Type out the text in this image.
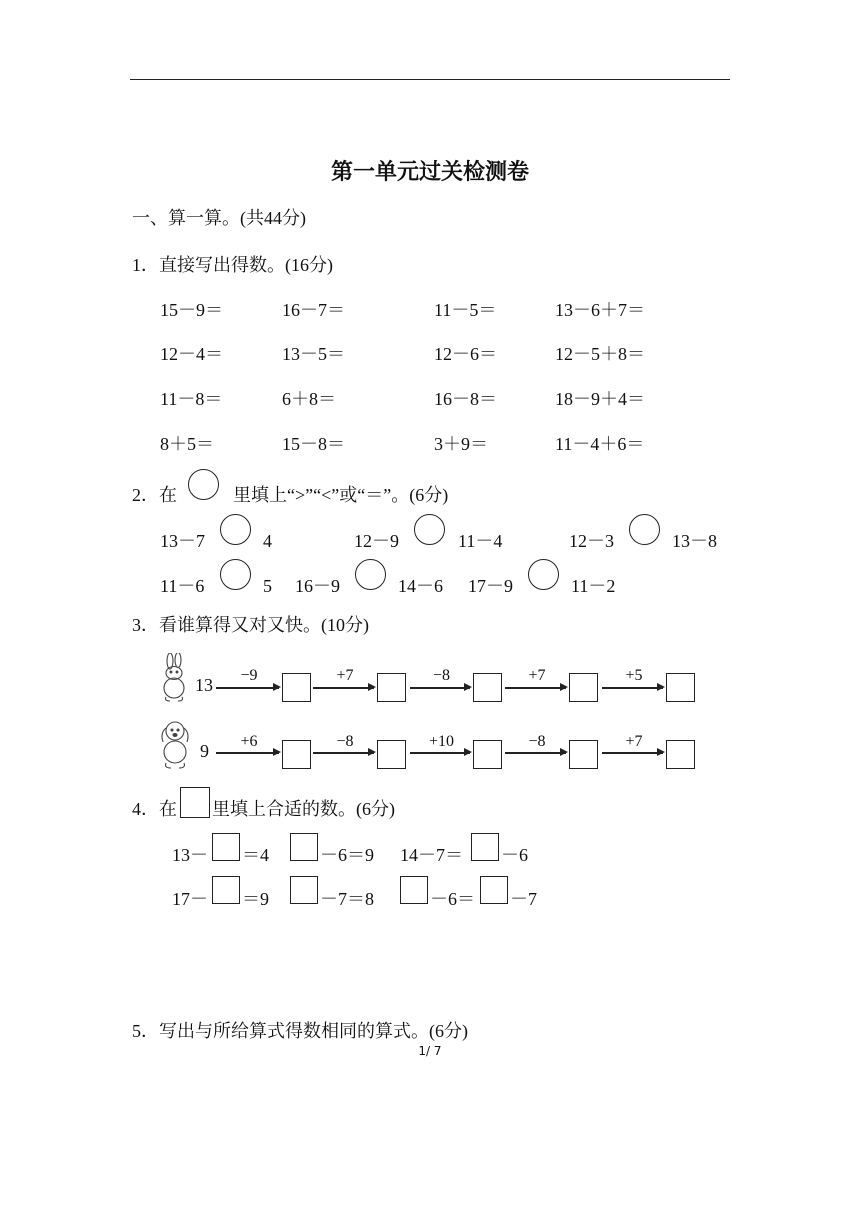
第一单元过关检测卷
一、算一算。(共44分)
1．直接写出得数。(16分)
15－9＝	16－7＝	11－5＝	13－6＋7＝
12－4＝	13－5＝	12－6＝	12－5＋8＝
11－8＝	6＋8＝	16－8＝	18－9＋4＝
8＋5＝	15－8＝	3＋9＝	11－4＋6＝
2．在	里填上“>”“<”或“＝”。(6分)
13－7	4	12－9	11－4	12－3	13－8
11－6	5 16－9	14－6 17－9	11－2
3．看谁算得又对又快。(10分)
13	−9	+7	−8	+7	+5
9	+6	−8	+10	−8	+7
4．在 里填上合适的数。(6分)
13－ ＝4	－6＝9 14－7＝ －6
17－ ＝9	－7＝8	－6＝ －7
5．写出与所给算式得数相同的算式。(6分)
1/ 7
